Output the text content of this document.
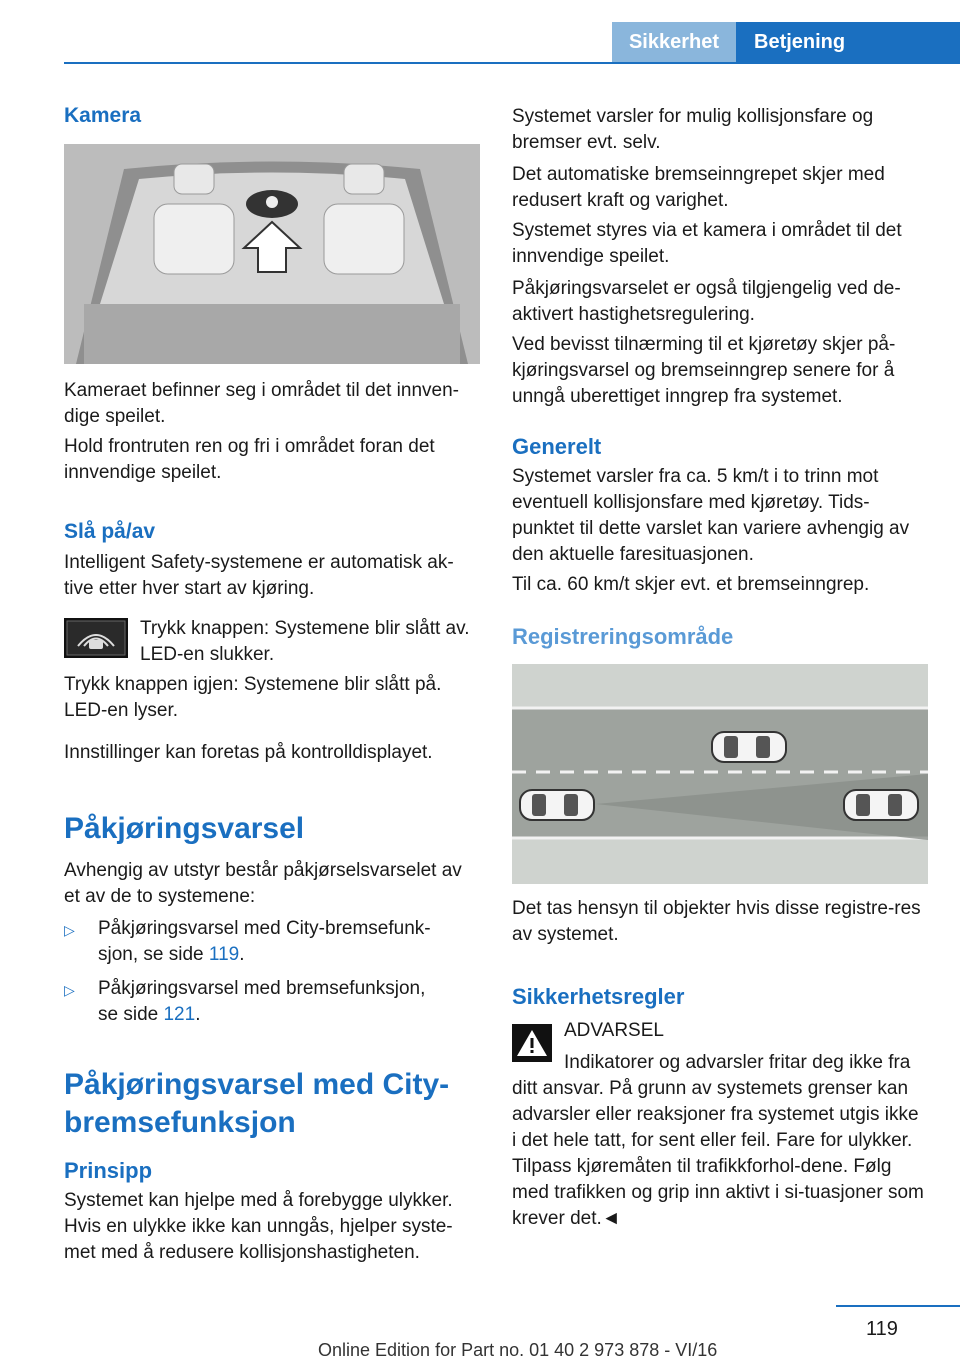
Sikkerhet Betjening
Kamera
Kameraet befinner seg i området til det innven-dige speilet.
Hold frontruten ren og fri i området foran det innvendige speilet.
Slå på/av
Intelligent Safety-systemene er automatisk ak-tive etter hver start av kjøring.
Trykk knappen: Systemene blir slått av. LED-en slukker.
Trykk knappen igjen: Systemene blir slått på. LED-en lyser.
Innstillinger kan foretas på kontrolldisplayet.
Påkjøringsvarsel
Avhengig av utstyr består påkjørselsvarselet av et av de to systemene:
▷ Påkjøringsvarsel med City-bremsefunk-sjon, se side 119.
▷ Påkjøringsvarsel med bremsefunksjon, se side 121.
Påkjøringsvarsel med City-bremsefunksjon
Prinsipp
Systemet kan hjelpe med å forebygge ulykker. Hvis en ulykke ikke kan unngås, hjelper syste-met med å redusere kollisjonshastigheten.
Systemet varsler for mulig kollisjonsfare og bremser evt. selv.
Det automatiske bremseinngrepet skjer med redusert kraft og varighet.
Systemet styres via et kamera i området til det innvendige speilet.
Påkjøringsvarselet er også tilgjengelig ved de-aktivert hastighetsregulering.
Ved bevisst tilnærming til et kjøretøy skjer på-kjøringsvarsel og bremseinngrep senere for å unngå uberettiget inngrep fra systemet.
Generelt
Systemet varsler fra ca. 5 km/t i to trinn mot eventuell kollisjonsfare med kjøretøy. Tids-punktet til dette varslet kan variere avhengig av den aktuelle faresituasjonen.
Til ca. 60 km/t skjer evt. et bremseinngrep.
Registreringsområde
Det tas hensyn til objekter hvis disse registre-res av systemet.
Sikkerhetsregler
ADVARSEL
Indikatorer og advarsler fritar deg ikke fra ditt ansvar. På grunn av systemets grenser kan advarsler eller reaksjoner fra systemet utgis ikke i det hele tatt, for sent eller feil. Fare for ulykker. Tilpass kjøremåten til trafikkforhol-dene. Følg med trafikken og grip inn aktivt i si-tuasjoner som krever det.◄
119
Online Edition for Part no. 01 40 2 973 878 - VI/16
